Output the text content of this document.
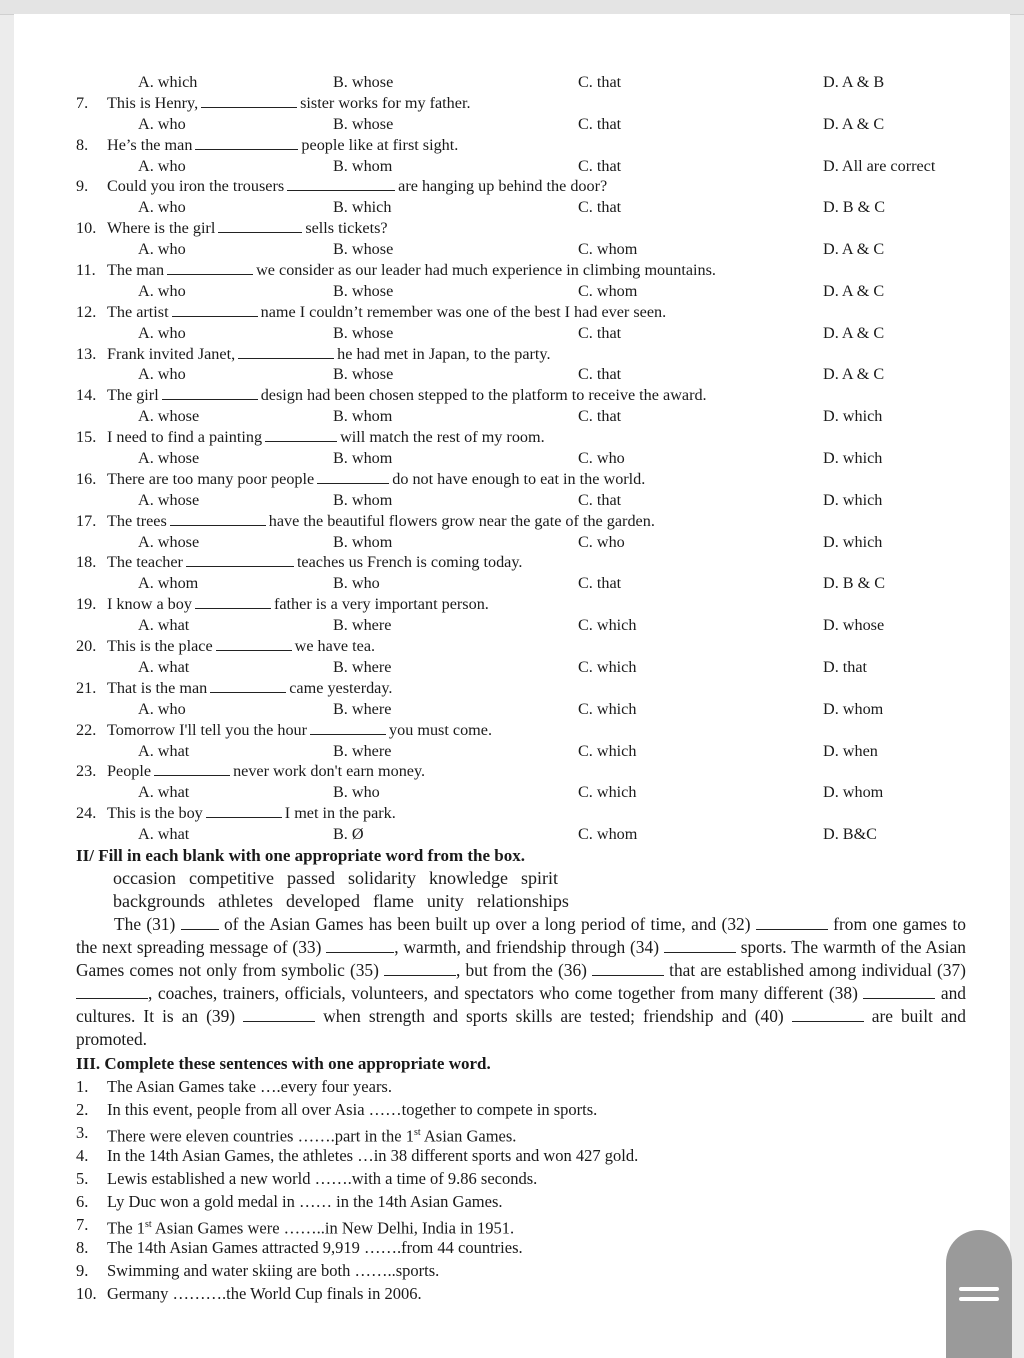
A. which	B. whose	C. that	D. A & B
7.	This is Henry,	sister works for my father.
A. who	B. whose	C. that	D. A & C
8.	He’s the man	people like at first sight.
A. who	B. whom	C. that	D. All are correct
9.	Could you iron the trousers	are hanging up behind the door?
A. who	B. which	C. that	D. B & C
10. Where is the girl	sells tickets?
A. who	B. whose	C. whom	D. A & C
11. The man	we consider as our leader had much experience in climbing mountains.
A. who	B. whose	C. whom	D. A & C
12. The artist	name I couldn’t remember was one of the best I had ever seen.
A. who	B. whose	C. that	D. A & C
13. Frank invited Janet,	he had met in Japan, to the party.
A. who	B. whose	C. that	D. A & C
14. The girl	design had been chosen stepped to the platform to receive the award.
A. whose	B. whom	C. that	D. which
15. I need to find a painting	will match the rest of my room.
A. whose	B. whom	C. who	D. which
16. There are too many poor people	do not have enough to eat in the world.
A. whose	B. whom	C. that	D. which
17. The trees	have the beautiful flowers grow near the gate of the garden.
A. whose	B. whom	C. who	D. which
18. The teacher	teaches us French is coming today.
A. whom	B. who	C. that	D. B & C
19. I know a boy	father is a very important person.
A. what	B. where	C. which	D. whose
20. This is the place	we have tea.
A. what	B. where	C. which	D. that
21. That is the man	came yesterday.
A. who	B. where	C. which	D. whom
22. Tomorrow I'll tell you the hour	you must come.
A. what	B. where	C. which	D. when
23. People	never work don't earn money.
A. what	B. who	C. which	D. whom
24. This is the boy	I met in the park.
A. what	B. Ø	C. whom	D. B&C
II/ Fill in each blank with one appropriate word from the box.
occasion competitive passed solidarity knowledge spirit
backgrounds athletes developed flame unity relationships
The (31)  of the Asian Games has been built up over a long period of time, and (32)	from one games to the next spreading message of (33)	, warmth, and friendship through (34)	sports. The warmth of the Asian Games comes not only from symbolic (35)	, but from the (36)	that are established among individual (37) , coaches, trainers, officials, volunteers, and spectators who come together from many different (38)	and cultures. It is an (39)	when strength and sports skills are tested; friendship and (40)	are built and promoted.
III. Complete these sentences with one appropriate word.
1.	The Asian Games take ….every four years.
2.	In this event, people from all over Asia ……together to compete in sports.
3.	There were eleven countries …….part in the 1st Asian Games.
4.	In the 14th Asian Games, the athletes …in 38 different sports and won 427 gold.
5.	Lewis established a new world …….with a time of 9.86 seconds.
6.	Ly Duc won a gold medal in …… in the 14th Asian Games.
7.	The 1st Asian Games were ……..in New Delhi, India in 1951.
8.	The 14th Asian Games attracted 9,919 …….from 44 countries.
9.	Swimming and water skiing are both ……..sports.
10. Germany ……….the World Cup finals in 2006.
